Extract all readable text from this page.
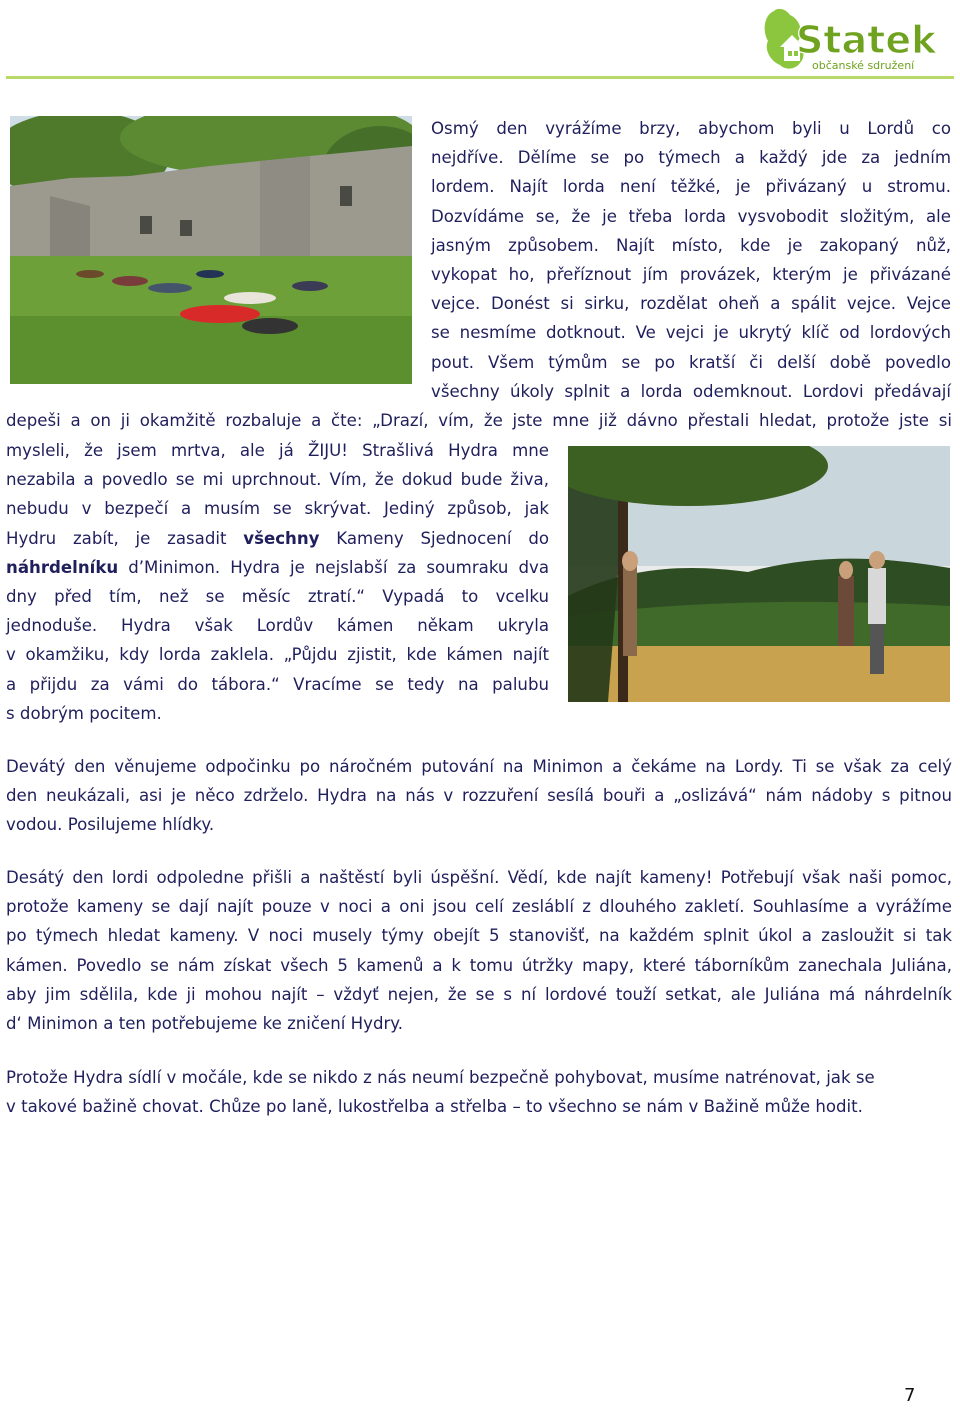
Statek
občanské sdružení
Osmý den vyrážíme brzy, abychom byli u Lordů co
nejdříve. Dělíme se po týmech a každý jde za jedním
lordem. Najít lorda není těžké, je přivázaný u stromu.
Dozvídáme se, že je třeba lorda vysvobodit složitým, ale
jasným způsobem. Najít místo, kde je zakopaný nůž,
vykopat ho, přeříznout jím provázek, kterým je přivázané
vejce. Donést si sirku, rozdělat oheň a spálit vejce. Vejce
se nesmíme dotknout. Ve vejci je ukrytý klíč od lordových
pout. Všem týmům se po kratší či delší době povedlo
všechny úkoly splnit a lorda odemknout. Lordovi předávají
depeši a on ji okamžitě rozbaluje a čte: „Drazí, vím, že jste mne již dávno přestali hledat, protože jste si
mysleli, že jsem mrtva, ale já ŽIJU! Strašlivá Hydra mne
nezabila a povedlo se mi uprchnout. Vím, že dokud bude živa,
nebudu v bezpečí a musím se skrývat. Jediný způsob, jak
Hydru zabít, je zasadit všechny Kameny Sjednocení do
náhrdelníku d’Minimon. Hydra je nejslabší za soumraku dva
dny před tím, než se měsíc ztratí.“ Vypadá to vcelku
jednoduše. Hydra však Lordův kámen někam ukryla
v okamžiku, kdy lorda zaklela. „Půjdu zjistit, kde kámen najít
a přijdu za vámi do tábora.“ Vracíme se tedy na palubu
s dobrým pocitem.
Devátý den věnujeme odpočinku po náročném putování na Minimon a čekáme na Lordy. Ti se však za celý
den neukázali, asi je něco zdrželo. Hydra na nás v rozzuření sesílá bouři a „oslizává“ nám nádoby s pitnou
vodou. Posilujeme hlídky.
Desátý den lordi odpoledne přišli a naštěstí byli úspěšní. Vědí, kde najít kameny! Potřebují však naši pomoc,
protože kameny se dají najít pouze v noci a oni jsou celí zesláblí z dlouhého zakletí. Souhlasíme a vyrážíme
po týmech hledat kameny. V noci musely týmy obejít 5 stanovišť, na každém splnit úkol a zasloužit si tak
kámen. Povedlo se nám získat všech 5 kamenů a k tomu útržky mapy, které táborníkům zanechala Juliána,
aby jim sdělila, kde ji mohou najít – vždyť nejen, že se s ní lordové touží setkat, ale Juliána má náhrdelník
d‘ Minimon a ten potřebujeme ke zničení Hydry.
Protože Hydra sídlí v močále, kde se nikdo z nás neumí bezpečně pohybovat, musíme natrénovat, jak se
v takové bažině chovat. Chůze po laně, lukostřelba a střelba – to všechno se nám v Bažině může hodit.
7
